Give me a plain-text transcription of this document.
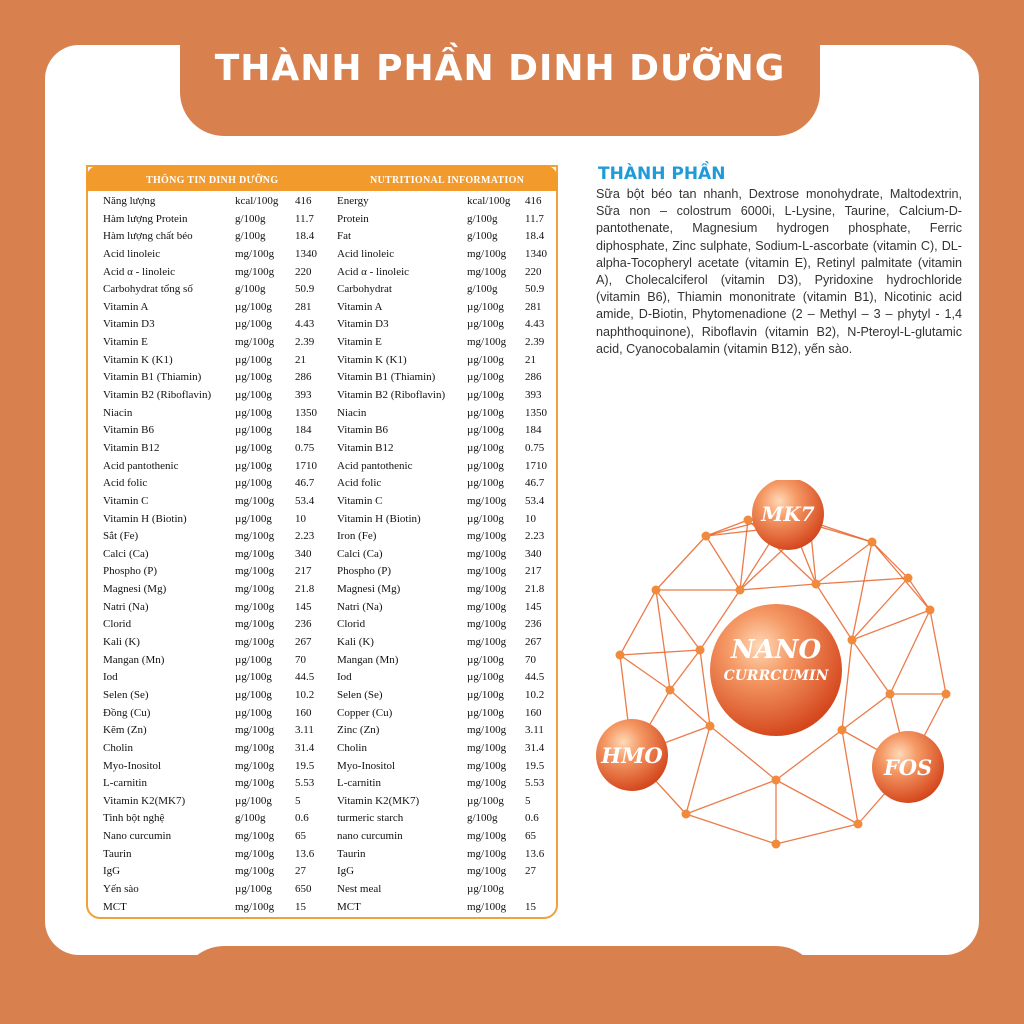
THÀNH PHẦN DINH DƯỠNG
THÔNG TIN DINH DƯỠNG	NUTRITIONAL INFORMATION
Năng lượng	kcal/100g 416 Energy	kcal/100g 416
Hàm lượng Protein	g/100g	11.7 Protein	g/100g 11.7
Hàm lượng chất béo	g/100g	18.4 Fat	g/100g 18.4
Acid linoleic	mg/100g 1340 Acid linoleic	mg/100g 1340
Acid α - linoleic	mg/100g 220 Acid α - linoleic	mg/100g 220
Carbohydrat tổng số	g/100g	50.9 Carbohydrat	g/100g 50.9
Vitamin A	µg/100g 281 Vitamin A	µg/100g 281
Vitamin D3	µg/100g 4.43 Vitamin D3	µg/100g 4.43
Vitamin E	mg/100g 2.39 Vitamin E	mg/100g 2.39
Vitamin K (K1)	µg/100g 21	Vitamin K (K1)	µg/100g 21
Vitamin B1 (Thiamin)	µg/100g 286 Vitamin B1 (Thiamin)	µg/100g 286
Vitamin B2 (Riboflavin) µg/100g 393 Vitamin B2 (Riboflavin) µg/100g 393
Niacin	µg/100g 1350 Niacin	µg/100g 1350
Vitamin B6	µg/100g 184 Vitamin B6	µg/100g 184
Vitamin B12	µg/100g 0.75 Vitamin B12	µg/100g 0.75
Acid pantothenic	µg/100g 1710 Acid pantothenic	µg/100g 1710
Acid folic	µg/100g 46.7 Acid folic	µg/100g 46.7
Vitamin C	mg/100g 53.4 Vitamin C	mg/100g 53.4
Vitamin H (Biotin)	µg/100g 10	Vitamin H (Biotin)	µg/100g 10
Sắt (Fe)	mg/100g 2.23 Iron (Fe)	mg/100g 2.23
Calci (Ca)	mg/100g 340 Calci (Ca)	mg/100g 340
Phospho (P)	mg/100g 217 Phospho (P)	mg/100g 217
Magnesi (Mg)	mg/100g 21.8 Magnesi (Mg)	mg/100g 21.8
Natri (Na)	mg/100g 145 Natri (Na)	mg/100g 145
Clorid	mg/100g 236 Clorid	mg/100g 236
Kali (K)	mg/100g 267 Kali (K)	mg/100g 267
Mangan (Mn)	µg/100g 70	Mangan (Mn)	µg/100g 70
Iod	µg/100g 44.5 Iod	µg/100g 44.5
Selen (Se)	µg/100g 10.2 Selen (Se)	µg/100g 10.2
Đồng (Cu)	µg/100g 160 Copper (Cu)	µg/100g 160
Kẽm (Zn)	mg/100g 3.11 Zinc (Zn)	mg/100g 3.11
Cholin	mg/100g 31.4 Cholin	mg/100g 31.4
Myo-Inositol	mg/100g 19.5 Myo-Inositol	mg/100g 19.5
L-carnitin	mg/100g 5.53 L-carnitin	mg/100g 5.53
Vitamin K2(MK7)	µg/100g 5	Vitamin K2(MK7)	µg/100g 5
Tinh bột nghệ	g/100g	0.6	turmeric starch	g/100g 0.6
Nano curcumin	mg/100g 65	nano curcumin	mg/100g 65
Taurin	mg/100g 13.6 Taurin	mg/100g 13.6
IgG	mg/100g 27	IgG	mg/100g 27
Yến sào	µg/100g 650 Nest meal	µg/100g
MCT	mg/100g 15	MCT	mg/100g 15
THÀNH PHẦN
Sữa bột béo tan nhanh, Dextrose monohydrate, Maltodextrin, Sữa non – colostrum 6000i, L-Lysine, Taurine, Calcium-D-pantothenate, Magnesium hydrogen phosphate, Ferric diphosphate, Zinc sulphate, Sodium-L-ascorbate (vitamin C), DL-alpha-Tocopheryl acetate (vitamin E), Retinyl palmitate (vitamin A), Cholecalciferol (vitamin D3), Pyridoxine hydrochloride (vitamin B6), Thiamin mononitrate (vitamin B1), Nicotinic acid amide, D-Biotin, Phytomenadione (2 – Methyl – 3 – phytyl - 1,4 naphthoquinone), Riboflavin (vitamin B2), N-Pteroyl-L-glutamic acid, Cyanocobalamin (vitamin B12), yến sào.
NANO
CURRCUMIN
MK7
HMO	FOS
